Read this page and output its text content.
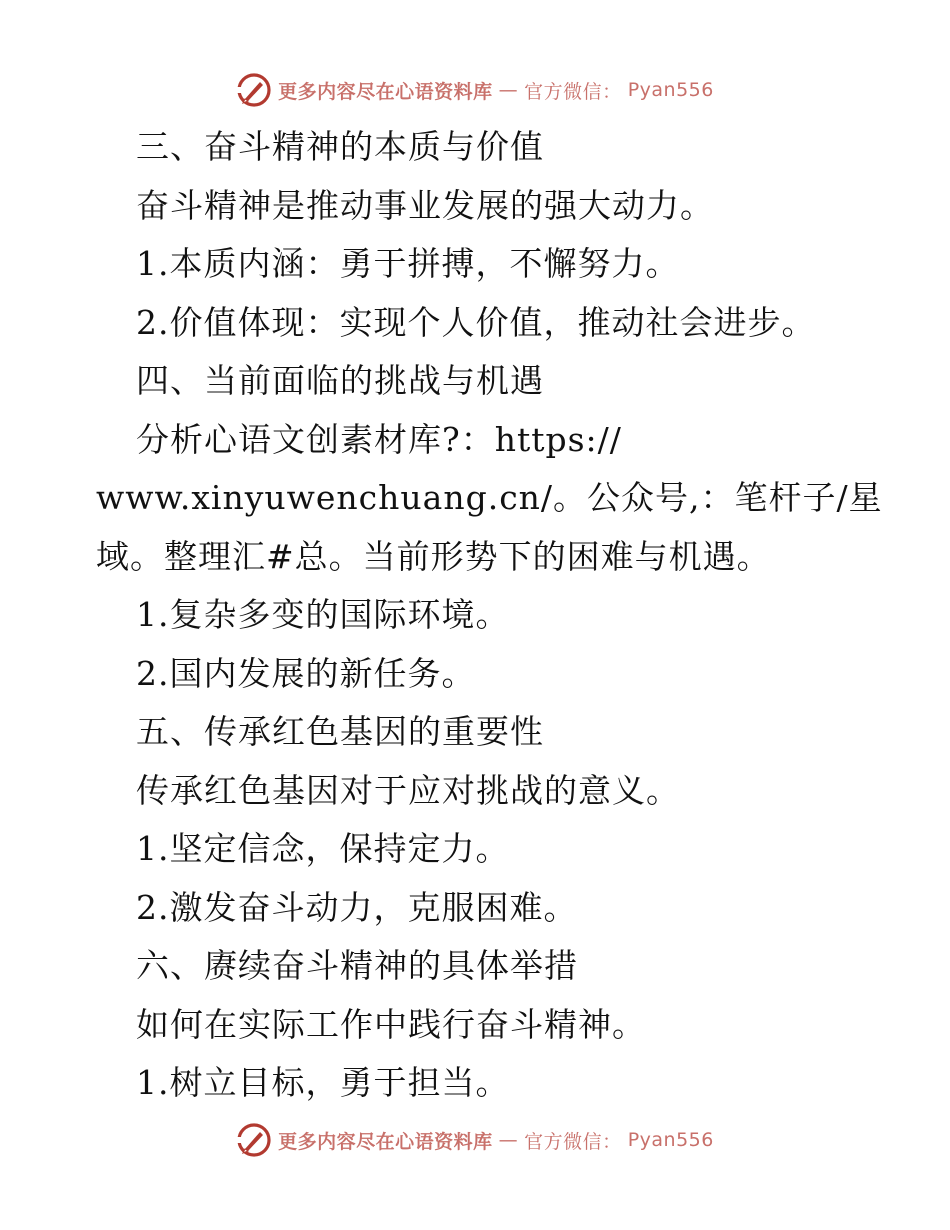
更多内容尽在心语资料库 — 官方微信： Pyan556
三、奋斗精神的本质与价值
奋斗精神是推动事业发展的强大动力。
1.本质内涵：勇于拼搏，不懈努力。
2.价值体现：实现个人价值，推动社会进步。
四、当前面临的挑战与机遇
分析心语文创素材库?：https://
www.xinyuwenchuang.cn/。公众号,：笔杆子/星
域。整理汇#总。当前形势下的困难与机遇。
1.复杂多变的国际环境。
2.国内发展的新任务。
五、传承红色基因的重要性
传承红色基因对于应对挑战的意义。
1.坚定信念，保持定力。
2.激发奋斗动力，克服困难。
六、赓续奋斗精神的具体举措
如何在实际工作中践行奋斗精神。
1.树立目标，勇于担当。
更多内容尽在心语资料库 — 官方微信： Pyan556
